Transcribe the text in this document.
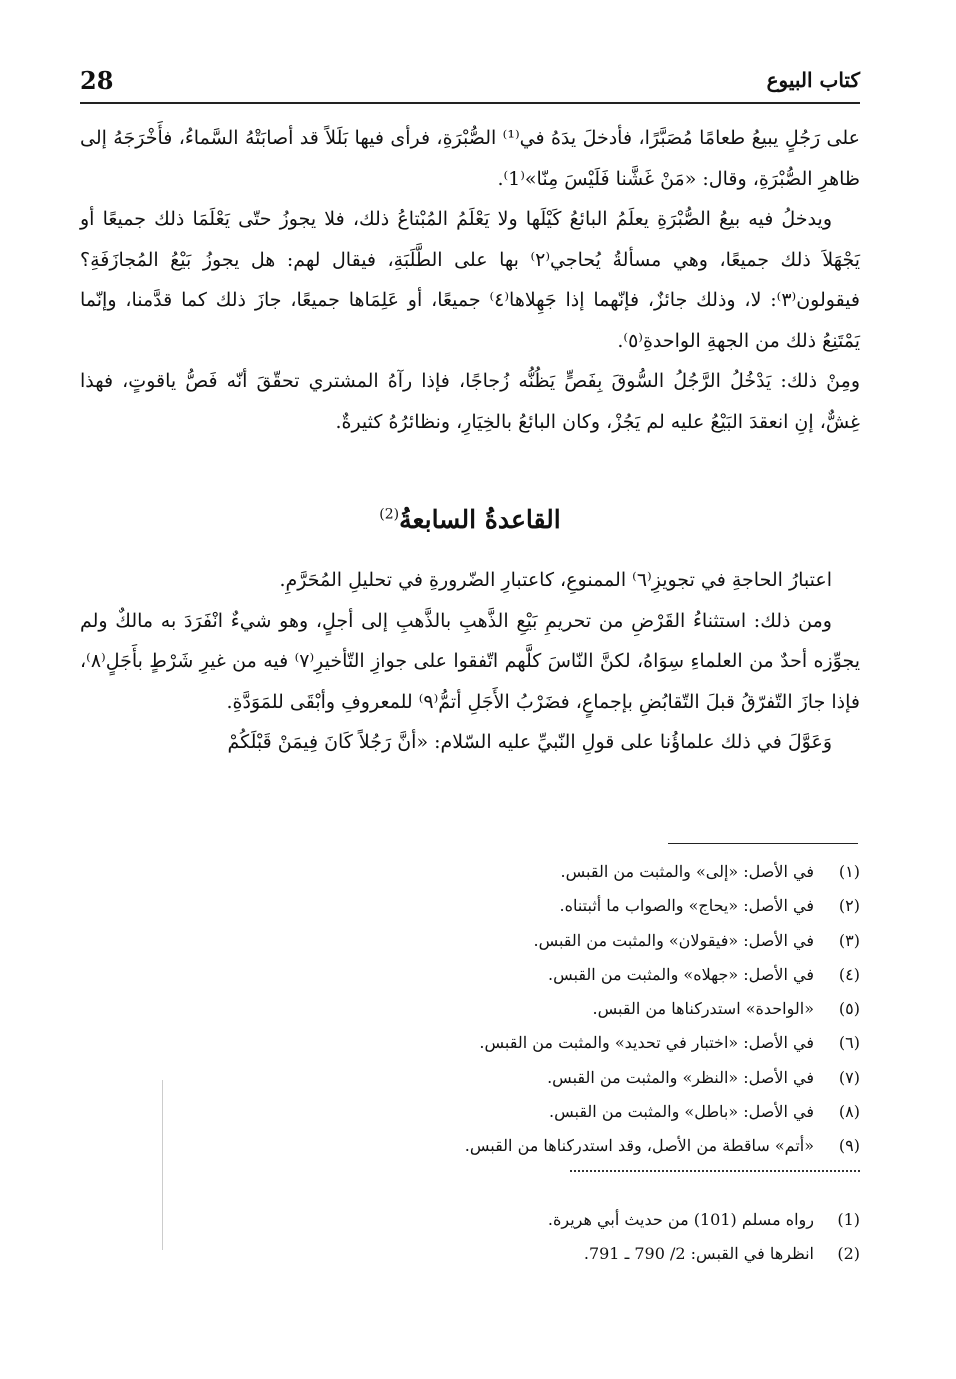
28	كتاب البيوع

على رَجُلٍ يبيعُ طعامًا مُصَبَّرًا، فأدخلَ يدَهُ في⁽¹⁾ الصُّبْرَةِ، فرأى فيها بَلَلاً قد أصابَتْهُ السَّماءُ، فأَخْرَجَهُ إلى ظاهرِ الصُّبْرَةِ، وقال: «مَنْ غَشَّنا فَلَيْسَ مِنّا»⁽1⁾.

ويدخلُ فيه بيعُ الصُّبْرَةِ يعلَمُ البائعُ كَيْلَها ولا يَعْلَمُ المُبْتاعُ ذلك، فلا يجوزُ حتّى يَعْلَمَا ذلك جميعًا أو يَجْهَلاَ ذلك جميعًا، وهي مسألةُ يُحاجي⁽٢⁾ بها على الطَّلَبَةِ، فيقال لهم: هل يجوزُ بَيْعُ المُجازَفَةِ؟ فيقولون⁽٣⁾: لا، وذلك جائزٌ، فإنّهما إذا جَهِلاها⁽٤⁾ جميعًا، أو عَلِمَاها جميعًا، جازَ ذلك كما قدَّمنا، وإنّما يَمْتَنِعُ ذلك من الجهةِ الواحدةِ⁽٥⁾.

ومِنْ ذلك: يَدْخُلُ الرَّجُلُ السُّوقَ بِفَصٍّ يَظُنُّه زُجاجًا، فإذا رآهُ المشتري تحقّقَ أنّه فَصُّ ياقوتٍ، فهذا غِشٌّ، إنِ انعقدَ البَيْعُ عليه لم يَجُزْ، وكان البائعُ بالخِيَارِ، ونظائرُهُ كثيرةٌ.

القاعدةُ السابعةُ$^{(2)}$

اعتبارُ الحاجةِ في تجويزِ⁽٦⁾ الممنوعِ، كاعتبارِ الضّرورةِ في تحليلِ المُحَرَّمِ.

ومن ذلك: استثناءُ القَرْضِ من تحريمِ بَيْعِ الذَّهبِ بالذَّهبِ إلى أجلٍ، وهو شيءٌ انْفَرَدَ به مالكٌ ولم يجوِّزه أحدٌ من العلماءِ سِوَاهُ، لكنَّ النّاسَ كلَّهم اتّفقوا على جوازِ التّأخيرِ⁽٧⁾ فيه من غيرِ شَرْطٍ بأَجَلٍ⁽٨⁾، فإذا جازَ التّفرّقُ قبلَ التّقابُضِ بإجماعٍ، فضَرْبُ الأَجَلِ أتمُّ⁽٩⁾ للمعروفِ وأبْقَى للمَوَدَّةِ.

وَعَوَّلَ في ذلك علماؤُنا على قولِ النّبيِّ عليه السّلام: «أنَّ رَجُلاً كَانَ فِيمَنْ قَبْلَكُمْ

(١)
في الأصل: «إلى» والمثبت من القبس.
(٢)
في الأصل: «يحاج» والصواب ما أثبتناه.
(٣)
في الأصل: «فيقولان» والمثبت من القبس.
(٤)
في الأصل: «جهلاه» والمثبت من القبس.
(٥)
«الواحدة» استدركناها من القبس.
(٦)
في الأصل: «اختبار في تحديد» والمثبت من القبس.
(٧)
في الأصل: «النظر» والمثبت من القبس.
(٨)
في الأصل: «باطل» والمثبت من القبس.
(٩)
«أتم» ساقطة من الأصل، وقد استدركناها من القبس.
(1)
رواه مسلم (101) من حديث أبي هريرة.
(2)
انظرها في القبس: 2/ 790 ـ 791.
